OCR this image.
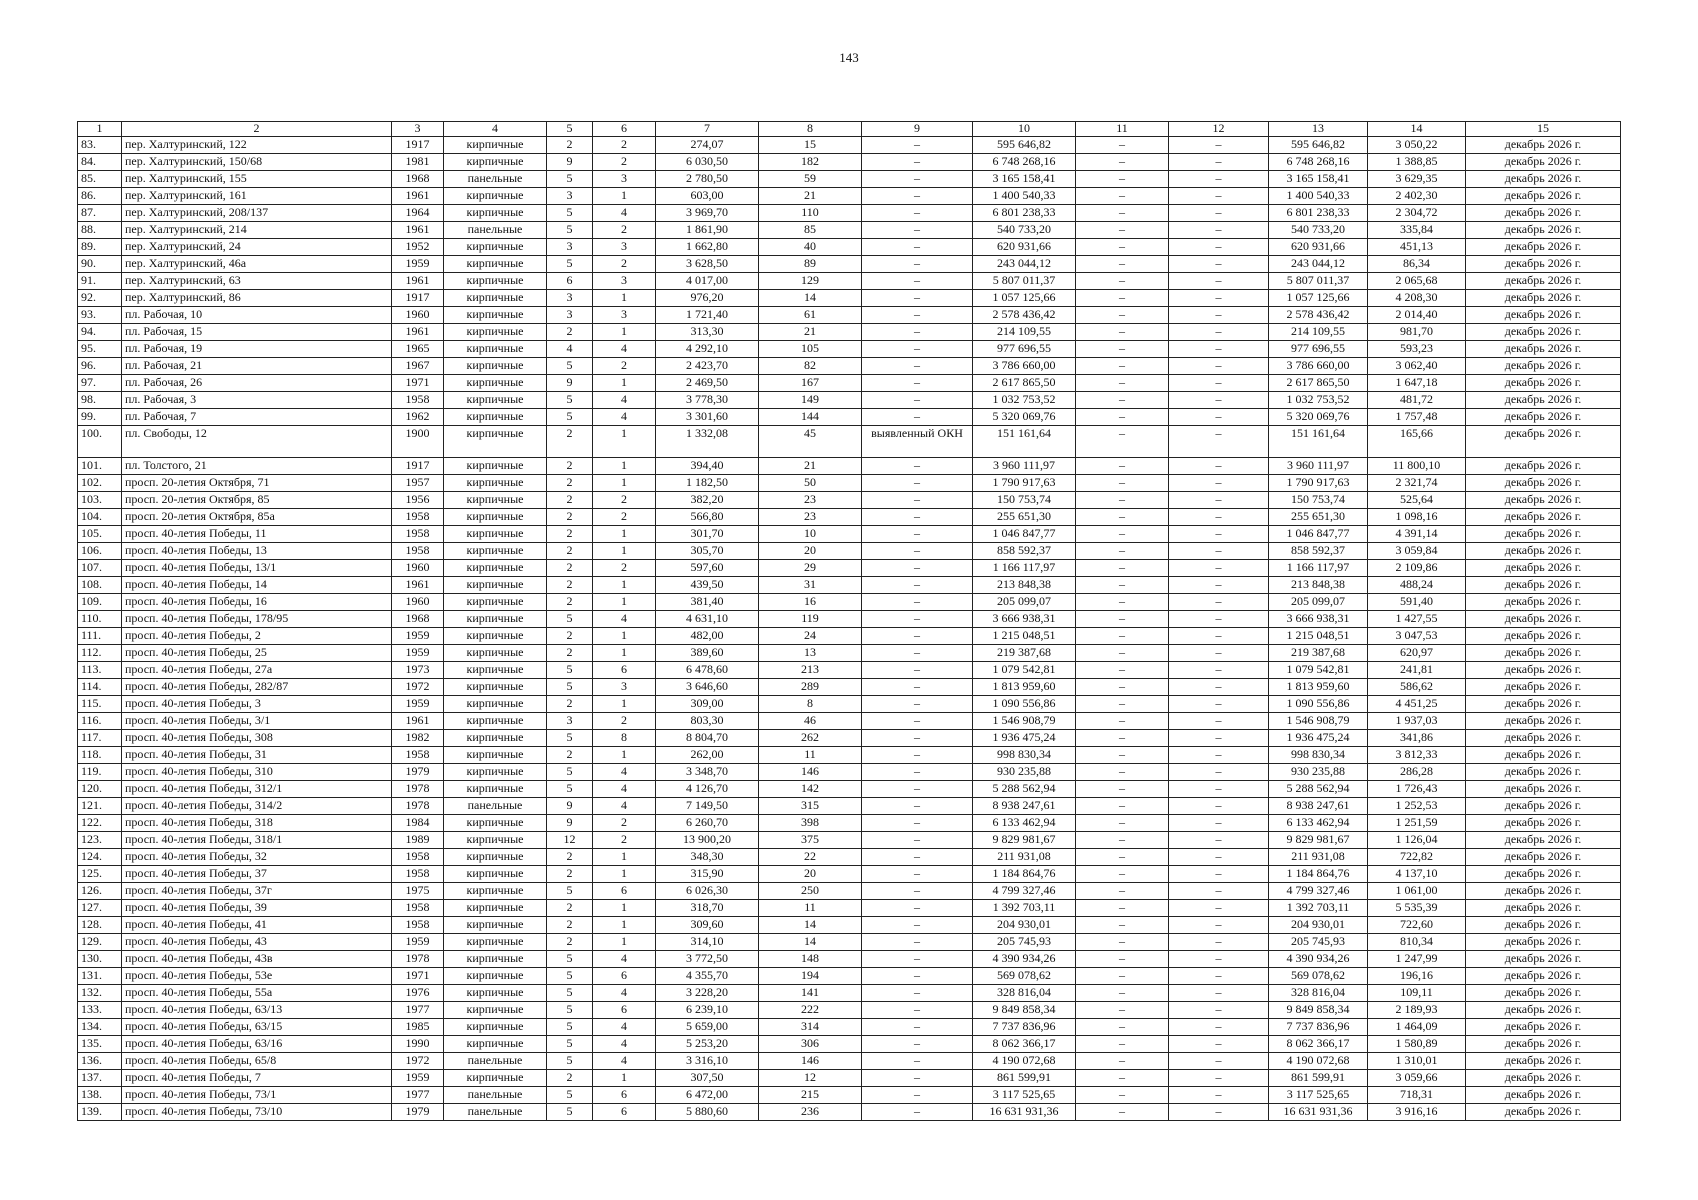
143
1	2	3	4	5	6	7	8	9	10	11	12	13	14	15
83.	пер. Халтуринский, 122	1917	кирпичные	2	2	274,07	15	–	595 646,82	–	–	595 646,82	3 050,22	декабрь 2026 г.
84.	пер. Халтуринский, 150/68	1981	кирпичные	9	2	6 030,50	182	–	6 748 268,16	–	–	6 748 268,16	1 388,85	декабрь 2026 г.
85.	пер. Халтуринский, 155	1968	панельные	5	3	2 780,50	59	–	3 165 158,41	–	–	3 165 158,41	3 629,35	декабрь 2026 г.
86.	пер. Халтуринский, 161	1961	кирпичные	3	1	603,00	21	–	1 400 540,33	–	–	1 400 540,33	2 402,30	декабрь 2026 г.
87.	пер. Халтуринский, 208/137	1964	кирпичные	5	4	3 969,70	110	–	6 801 238,33	–	–	6 801 238,33	2 304,72	декабрь 2026 г.
88.	пер. Халтуринский, 214	1961	панельные	5	2	1 861,90	85	–	540 733,20	–	–	540 733,20	335,84	декабрь 2026 г.
89.	пер. Халтуринский, 24	1952	кирпичные	3	3	1 662,80	40	–	620 931,66	–	–	620 931,66	451,13	декабрь 2026 г.
90.	пер. Халтуринский, 46а	1959	кирпичные	5	2	3 628,50	89	–	243 044,12	–	–	243 044,12	86,34	декабрь 2026 г.
91.	пер. Халтуринский, 63	1961	кирпичные	6	3	4 017,00	129	–	5 807 011,37	–	–	5 807 011,37	2 065,68	декабрь 2026 г.
92.	пер. Халтуринский, 86	1917	кирпичные	3	1	976,20	14	–	1 057 125,66	–	–	1 057 125,66	4 208,30	декабрь 2026 г.
93.	пл. Рабочая, 10	1960	кирпичные	3	3	1 721,40	61	–	2 578 436,42	–	–	2 578 436,42	2 014,40	декабрь 2026 г.
94.	пл. Рабочая, 15	1961	кирпичные	2	1	313,30	21	–	214 109,55	–	–	214 109,55	981,70	декабрь 2026 г.
95.	пл. Рабочая, 19	1965	кирпичные	4	4	4 292,10	105	–	977 696,55	–	–	977 696,55	593,23	декабрь 2026 г.
96.	пл. Рабочая, 21	1967	кирпичные	5	2	2 423,70	82	–	3 786 660,00	–	–	3 786 660,00	3 062,40	декабрь 2026 г.
97.	пл. Рабочая, 26	1971	кирпичные	9	1	2 469,50	167	–	2 617 865,50	–	–	2 617 865,50	1 647,18	декабрь 2026 г.
98.	пл. Рабочая, 3	1958	кирпичные	5	4	3 778,30	149	–	1 032 753,52	–	–	1 032 753,52	481,72	декабрь 2026 г.
99.	пл. Рабочая, 7	1962	кирпичные	5	4	3 301,60	144	–	5 320 069,76	–	–	5 320 069,76	1 757,48	декабрь 2026 г.
100.	пл. Свободы, 12	1900	кирпичные	2	1	1 332,08	45	выявленный ОКН	151 161,64	–	–	151 161,64	165,66	декабрь 2026 г.
101.	пл. Толстого, 21	1917	кирпичные	2	1	394,40	21	–	3 960 111,97	–	–	3 960 111,97	11 800,10	декабрь 2026 г.
102.	просп. 20-летия Октября, 71	1957	кирпичные	2	1	1 182,50	50	–	1 790 917,63	–	–	1 790 917,63	2 321,74	декабрь 2026 г.
103.	просп. 20-летия Октября, 85	1956	кирпичные	2	2	382,20	23	–	150 753,74	–	–	150 753,74	525,64	декабрь 2026 г.
104.	просп. 20-летия Октября, 85а	1958	кирпичные	2	2	566,80	23	–	255 651,30	–	–	255 651,30	1 098,16	декабрь 2026 г.
105.	просп. 40-летия Победы, 11	1958	кирпичные	2	1	301,70	10	–	1 046 847,77	–	–	1 046 847,77	4 391,14	декабрь 2026 г.
106.	просп. 40-летия Победы, 13	1958	кирпичные	2	1	305,70	20	–	858 592,37	–	–	858 592,37	3 059,84	декабрь 2026 г.
107.	просп. 40-летия Победы, 13/1	1960	кирпичные	2	2	597,60	29	–	1 166 117,97	–	–	1 166 117,97	2 109,86	декабрь 2026 г.
108.	просп. 40-летия Победы, 14	1961	кирпичные	2	1	439,50	31	–	213 848,38	–	–	213 848,38	488,24	декабрь 2026 г.
109.	просп. 40-летия Победы, 16	1960	кирпичные	2	1	381,40	16	–	205 099,07	–	–	205 099,07	591,40	декабрь 2026 г.
110.	просп. 40-летия Победы, 178/95	1968	кирпичные	5	4	4 631,10	119	–	3 666 938,31	–	–	3 666 938,31	1 427,55	декабрь 2026 г.
111.	просп. 40-летия Победы, 2	1959	кирпичные	2	1	482,00	24	–	1 215 048,51	–	–	1 215 048,51	3 047,53	декабрь 2026 г.
112.	просп. 40-летия Победы, 25	1959	кирпичные	2	1	389,60	13	–	219 387,68	–	–	219 387,68	620,97	декабрь 2026 г.
113.	просп. 40-летия Победы, 27а	1973	кирпичные	5	6	6 478,60	213	–	1 079 542,81	–	–	1 079 542,81	241,81	декабрь 2026 г.
114.	просп. 40-летия Победы, 282/87	1972	кирпичные	5	3	3 646,60	289	–	1 813 959,60	–	–	1 813 959,60	586,62	декабрь 2026 г.
115.	просп. 40-летия Победы, 3	1959	кирпичные	2	1	309,00	8	–	1 090 556,86	–	–	1 090 556,86	4 451,25	декабрь 2026 г.
116.	просп. 40-летия Победы, 3/1	1961	кирпичные	3	2	803,30	46	–	1 546 908,79	–	–	1 546 908,79	1 937,03	декабрь 2026 г.
117.	просп. 40-летия Победы, 308	1982	кирпичные	5	8	8 804,70	262	–	1 936 475,24	–	–	1 936 475,24	341,86	декабрь 2026 г.
118.	просп. 40-летия Победы, 31	1958	кирпичные	2	1	262,00	11	–	998 830,34	–	–	998 830,34	3 812,33	декабрь 2026 г.
119.	просп. 40-летия Победы, 310	1979	кирпичные	5	4	3 348,70	146	–	930 235,88	–	–	930 235,88	286,28	декабрь 2026 г.
120.	просп. 40-летия Победы, 312/1	1978	кирпичные	5	4	4 126,70	142	–	5 288 562,94	–	–	5 288 562,94	1 726,43	декабрь 2026 г.
121.	просп. 40-летия Победы, 314/2	1978	панельные	9	4	7 149,50	315	–	8 938 247,61	–	–	8 938 247,61	1 252,53	декабрь 2026 г.
122.	просп. 40-летия Победы, 318	1984	кирпичные	9	2	6 260,70	398	–	6 133 462,94	–	–	6 133 462,94	1 251,59	декабрь 2026 г.
123.	просп. 40-летия Победы, 318/1	1989	кирпичные	12	2	13 900,20	375	–	9 829 981,67	–	–	9 829 981,67	1 126,04	декабрь 2026 г.
124.	просп. 40-летия Победы, 32	1958	кирпичные	2	1	348,30	22	–	211 931,08	–	–	211 931,08	722,82	декабрь 2026 г.
125.	просп. 40-летия Победы, 37	1958	кирпичные	2	1	315,90	20	–	1 184 864,76	–	–	1 184 864,76	4 137,10	декабрь 2026 г.
126.	просп. 40-летия Победы, 37г	1975	кирпичные	5	6	6 026,30	250	–	4 799 327,46	–	–	4 799 327,46	1 061,00	декабрь 2026 г.
127.	просп. 40-летия Победы, 39	1958	кирпичные	2	1	318,70	11	–	1 392 703,11	–	–	1 392 703,11	5 535,39	декабрь 2026 г.
128.	просп. 40-летия Победы, 41	1958	кирпичные	2	1	309,60	14	–	204 930,01	–	–	204 930,01	722,60	декабрь 2026 г.
129.	просп. 40-летия Победы, 43	1959	кирпичные	2	1	314,10	14	–	205 745,93	–	–	205 745,93	810,34	декабрь 2026 г.
130.	просп. 40-летия Победы, 43в	1978	кирпичные	5	4	3 772,50	148	–	4 390 934,26	–	–	4 390 934,26	1 247,99	декабрь 2026 г.
131.	просп. 40-летия Победы, 53е	1971	кирпичные	5	6	4 355,70	194	–	569 078,62	–	–	569 078,62	196,16	декабрь 2026 г.
132.	просп. 40-летия Победы, 55а	1976	кирпичные	5	4	3 228,20	141	–	328 816,04	–	–	328 816,04	109,11	декабрь 2026 г.
133.	просп. 40-летия Победы, 63/13	1977	кирпичные	5	6	6 239,10	222	–	9 849 858,34	–	–	9 849 858,34	2 189,93	декабрь 2026 г.
134.	просп. 40-летия Победы, 63/15	1985	кирпичные	5	4	5 659,00	314	–	7 737 836,96	–	–	7 737 836,96	1 464,09	декабрь 2026 г.
135.	просп. 40-летия Победы, 63/16	1990	кирпичные	5	4	5 253,20	306	–	8 062 366,17	–	–	8 062 366,17	1 580,89	декабрь 2026 г.
136.	просп. 40-летия Победы, 65/8	1972	панельные	5	4	3 316,10	146	–	4 190 072,68	–	–	4 190 072,68	1 310,01	декабрь 2026 г.
137.	просп. 40-летия Победы, 7	1959	кирпичные	2	1	307,50	12	–	861 599,91	–	–	861 599,91	3 059,66	декабрь 2026 г.
138.	просп. 40-летия Победы, 73/1	1977	панельные	5	6	6 472,00	215	–	3 117 525,65	–	–	3 117 525,65	718,31	декабрь 2026 г.
139.	просп. 40-летия Победы, 73/10	1979	панельные	5	6	5 880,60	236	–	16 631 931,36	–	–	16 631 931,36	3 916,16	декабрь 2026 г.
